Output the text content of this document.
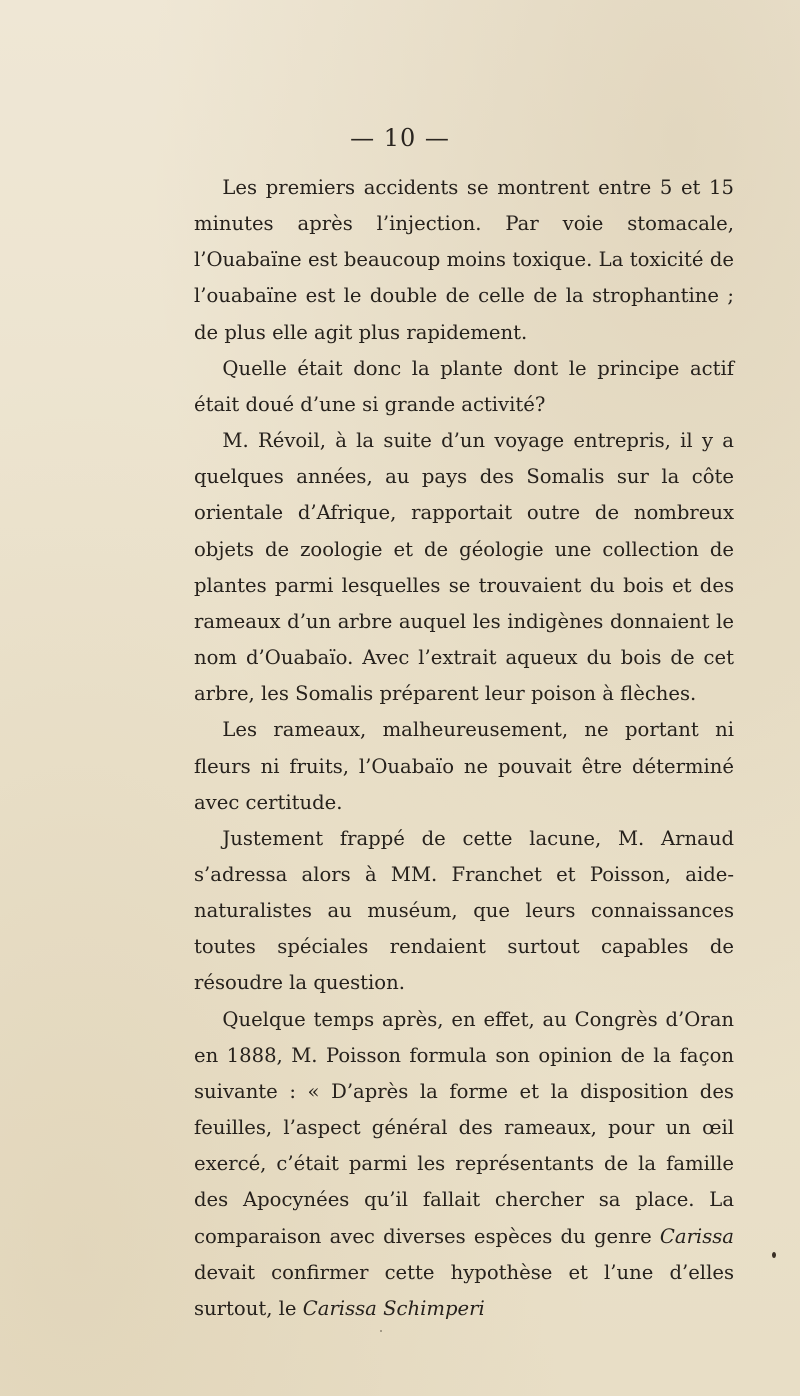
— 10 —

Les premiers accidents se montrent entre 5 et 15 minutes après l’injection. Par voie stomacale, l’Ouabaïne est beaucoup moins toxique. La toxicité de l’ouabaïne est le double de celle de la strophantine ; de plus elle agit plus rapidement.

Quelle était donc la plante dont le principe actif était doué d’une si grande activité?

M. Révoil, à la suite d’un voyage entrepris, il y a quelques années, au pays des Somalis sur la côte orientale d’Afrique, rapportait outre de nombreux objets de zoologie et de géologie une collection de plantes parmi lesquelles se trouvaient du bois et des rameaux d’un arbre auquel les indigènes donnaient le nom d’Ouabaïo. Avec l’extrait aqueux du bois de cet arbre, les Somalis préparent leur poison à flèches.

Les rameaux, malheureusement, ne portant ni fleurs ni fruits, l’Ouabaïo ne pouvait être déterminé avec certitude.

Justement frappé de cette lacune, M. Arnaud s’adressa alors à MM. Franchet et Poisson, aide-naturalistes au muséum, que leurs connaissances toutes spéciales rendaient surtout capables de résoudre la question.

Quelque temps après, en effet, au Congrès d’Oran en 1888, M. Poisson formula son opinion de la façon suivante : « D’après la forme et la disposition des feuilles, l’aspect général des rameaux, pour un œil exercé, c’était parmi les représentants de la famille des Apocynées qu’il fallait chercher sa place. La comparaison avec diverses espèces du genre Carissa devait confirmer cette hypothèse et l’une d’elles surtout, le Carissa Schimperi
